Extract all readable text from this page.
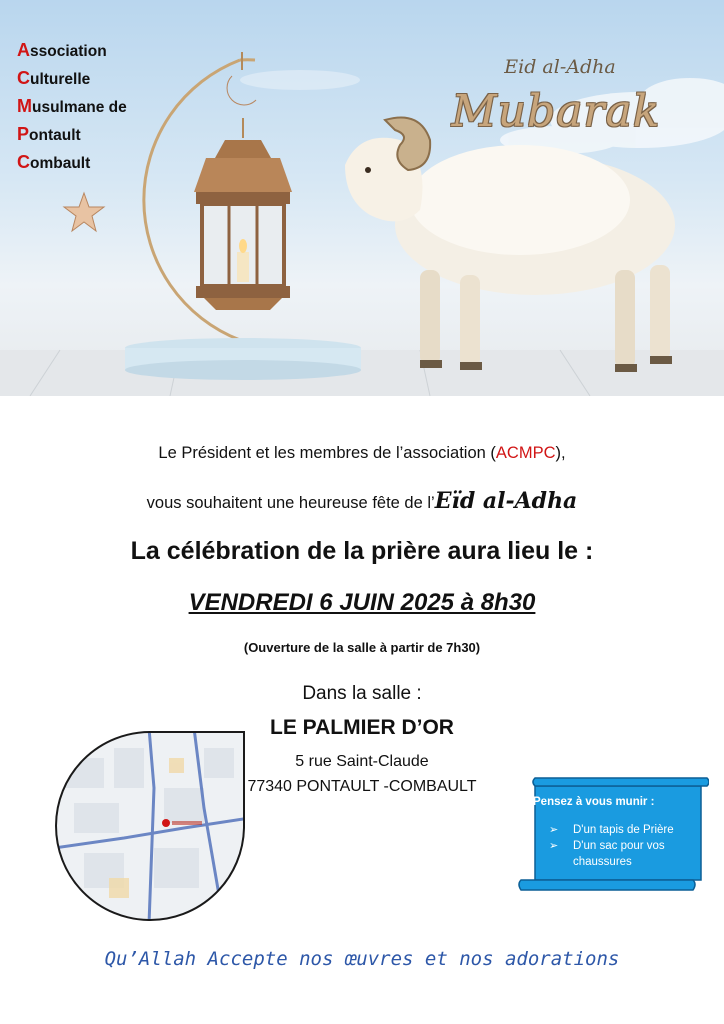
Association
Culturelle
Musulmane de
Pontault
Combault
Eid al-Adha
Mubarak
Le Président et les membres de l’association (ACMPC),
vous souhaitent une heureuse fête de l’Eïd al-Adha
La célébration de la prière aura lieu le :
VENDREDI 6 JUIN 2025 à 8h30
(Ouverture de la salle à partir de 7h30)
Dans la salle :
LE PALMIER D’OR
5 rue Saint-Claude
77340 PONTAULT -COMBAULT
Pensez à vous munir :
➢ D'un tapis de Prière
➢ D'un sac pour vos chaussures
Qu’Allah Accepte nos œuvres et nos adorations
